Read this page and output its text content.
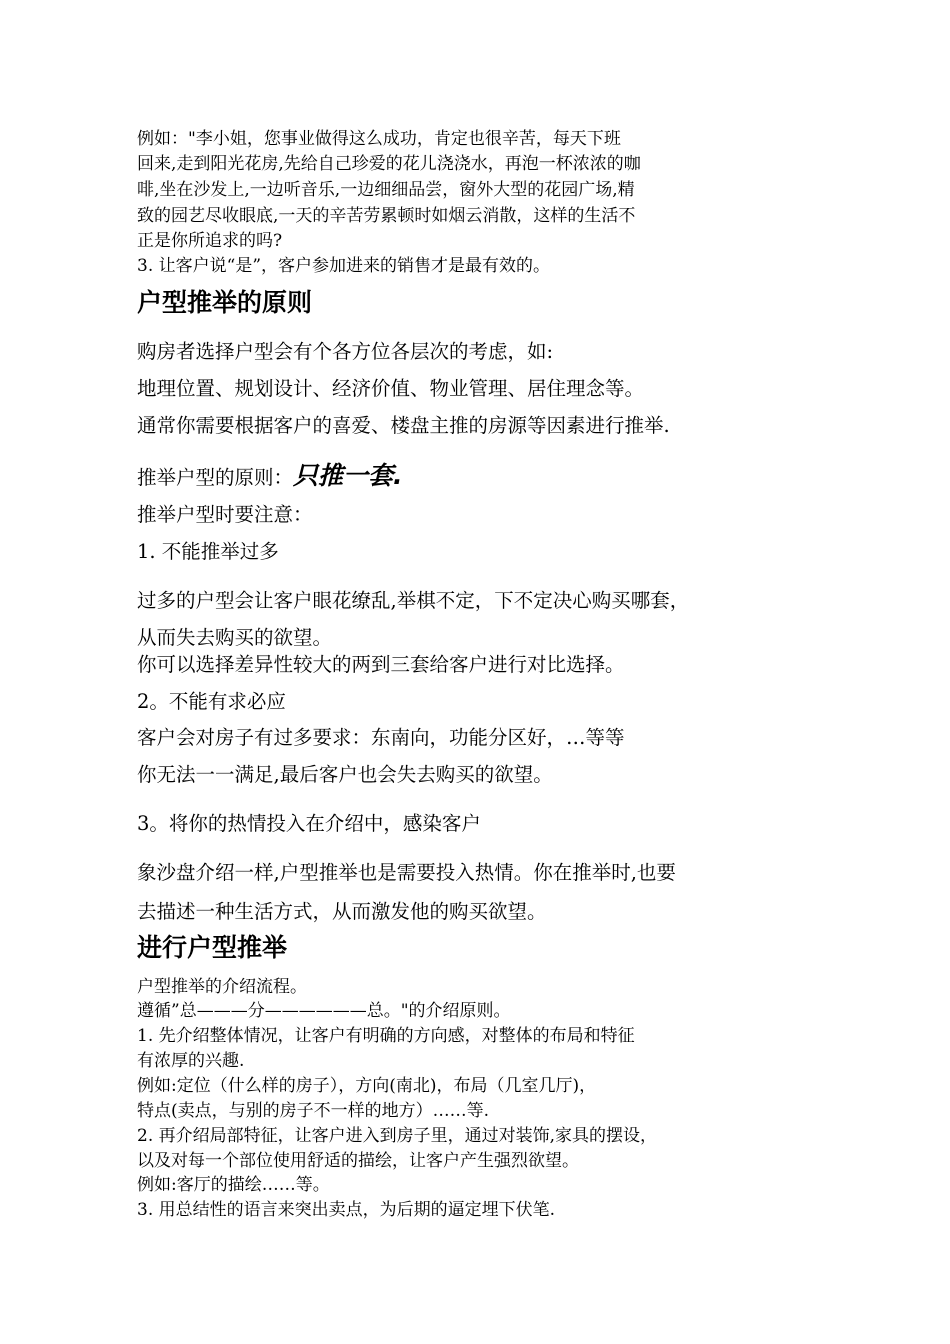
例如："李小姐，您事业做得这么成功，肯定也很辛苦，每天下班
回来,走到阳光花房,先给自己珍爱的花儿浇浇水，再泡一杯浓浓的咖
啡,坐在沙发上,一边听音乐,一边细细品尝，窗外大型的花园广场,精
致的园艺尽收眼底,一天的辛苦劳累顿时如烟云消散，这样的生活不
正是你所追求的吗?
3. 让客户说“是”，客户参加进来的销售才是最有效的。
户型推举的原则
购房者选择户型会有个各方位各层次的考虑，如:
地理位置、规划设计、经济价值、物业管理、居住理念等。
通常你需要根据客户的喜爱、楼盘主推的房源等因素进行推举.
推举户型的原则：只推一套.
推举户型时要注意：
1. 不能推举过多
过多的户型会让客户眼花缭乱,举棋不定，下不定决心购买哪套，
从而失去购买的欲望。
你可以选择差异性较大的两到三套给客户进行对比选择。
2。不能有求必应
客户会对房子有过多要求：东南向，功能分区好，…等等
你无法一一满足,最后客户也会失去购买的欲望。
3。将你的热情投入在介绍中，感染客户
象沙盘介绍一样,户型推举也是需要投入热情。你在推举时,也要
去描述一种生活方式，从而激发他的购买欲望。
进行户型推举
户型推举的介绍流程。
遵循”总———分——————总。"的介绍原则。
1. 先介绍整体情况，让客户有明确的方向感，对整体的布局和特征
有浓厚的兴趣.
例如:定位（什么样的房子），方向(南北)，布局（几室几厅)，
特点(卖点，与别的房子不一样的地方）……等.
2. 再介绍局部特征，让客户进入到房子里，通过对装饰,家具的摆设，
以及对每一个部位使用舒适的描绘，让客户产生强烈欲望。
例如:客厅的描绘……等。
3. 用总结性的语言来突出卖点，为后期的逼定埋下伏笔.
